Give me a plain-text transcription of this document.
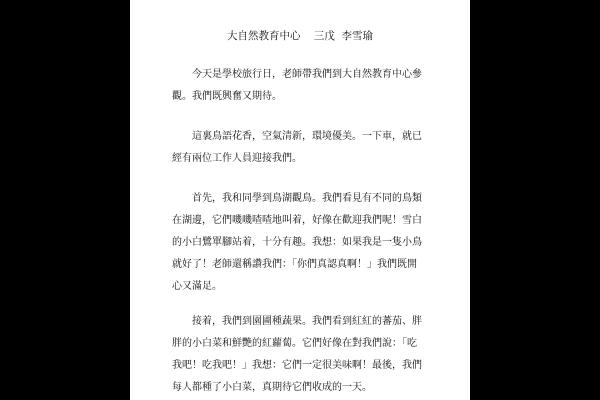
大自然教育中心    三戊  李雪瑜
今天是學校旅行日，老師帶我們到大自然教育中心參
觀。我們既興奮又期待。
這裏鳥語花香，空氣清新，環境優美。一下車，就已
經有兩位工作人員迎接我們。
首先，我和同學到鳥湖觀鳥。我們看見有不同的鳥類
在湖邊，它們嘰嘰喳喳地叫着，好像在歡迎我們呢！雪白
的小白鷺單腳站着，十分有趣。我想：如果我是一隻小鳥
就好了！老師還稱讚我們：「你們真認真啊！」我們既開
心又滿足。
接着，我們到園圃種蔬果。我們看到紅紅的蕃茄、胖
胖的小白菜和鮮艷的紅蘿蔔。它們好像在對我們說：「吃
我吧！吃我吧！」我想：它們一定很美味啊！最後，我們
每人都種了小白菜，真期待它們收成的一天。
